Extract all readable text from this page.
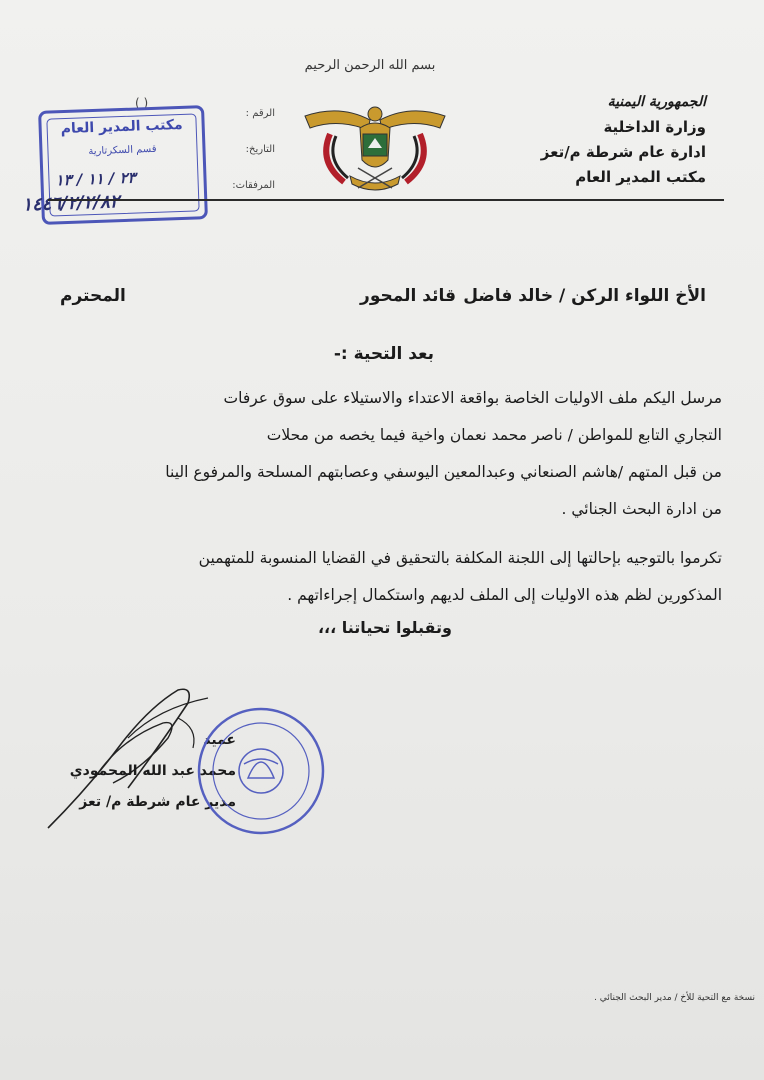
بسم الله الرحمن الرحيم
الجمهورية اليمنية
وزارة الداخلية
ادارة عام شرطة م/تعز
مكتب المدير العام
الرقم :
التاريخ:
المرفقات:
( )
مكتب المدير العام
قسم السكرتارية
٢٣ / ١١ / ١٣
١٤٤٦/٢/٢/٨٢
الأخ اللواء الركن / خالد فاضل
قائد المحور
المحترم
بعد التحية :-

مرسل اليكم ملف الاوليات الخاصة بواقعة الاعتداء والاستيلاء على سوق عرفات

التجاري التابع للمواطن / ناصر محمد نعمان واخية فيما يخصه من محلات

من قبل المتهم /هاشم الصنعاني وعبدالمعين اليوسفي وعصابتهم المسلحة والمرفوع الينا

من ادارة البحث الجنائي .

تكرموا بالتوجيه بإحالتها إلى اللجنة المكلفة بالتحقيق في القضايا المنسوبة للمتهمين

المذكورين لظم هذه الاوليات إلى الملف لديهم واستكمال إجراءاتهم .

وتقبلوا تحياتنا ،،،
عميد
محمد عبد الله المحمودي
مدير عام شرطة م/ تعز
نسخة مع التحية للأخ / مدير البحث الجنائي .
